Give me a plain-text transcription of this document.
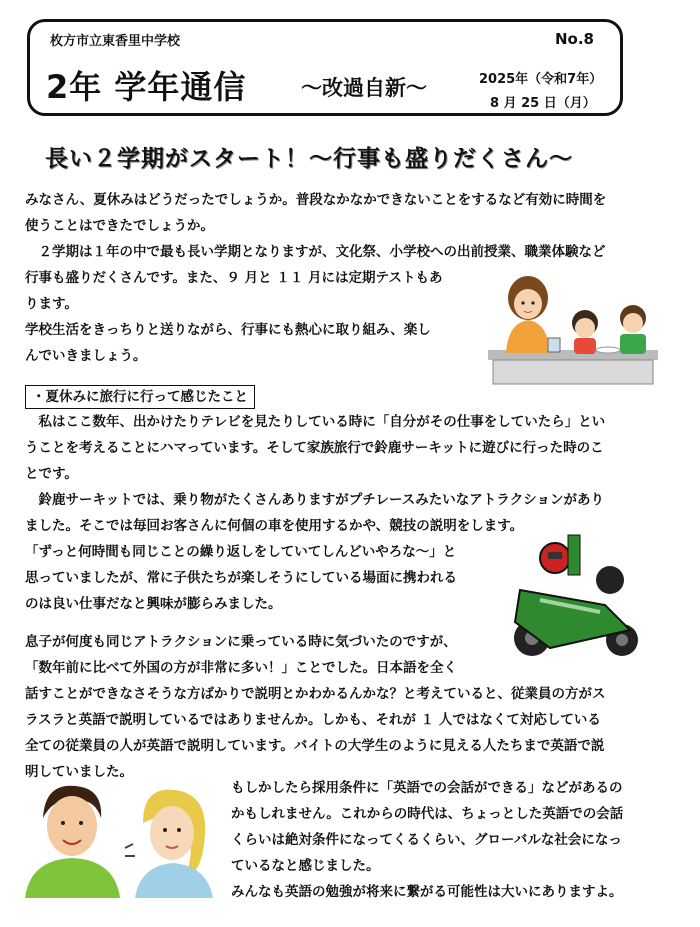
枚方市立東香里中学校	No.8
2年 学年通信	～改過自新～	2025年（令和7年）
8 月 25 日（月）
長い２学期がスタート！～行事も盛りだくさん～
みなさん、夏休みはどうだったでしょうか。普段なかなかできないことをするなど有効に時間を
使うことはできたでしょうか。
　２学期は１年の中で最も長い学期となりますが、文化祭、小学校への出前授業、職業体験など
行事も盛りだくさんです。また、９ 月と １１ 月には定期テストもあ
ります。
学校生活をきっちりと送りながら、行事にも熱心に取り組み、楽し
んでいきましょう。
・夏休みに旅行に行って感じたこと
　私はここ数年、出かけたりテレビを見たりしている時に「自分がその仕事をしていたら」とい
うことを考えることにハマっています。そして家族旅行で鈴鹿サーキットに遊びに行った時のこ
とです。
　鈴鹿サーキットでは、乗り物がたくさんありますがプチレースみたいなアトラクションがあり
ました。そこでは毎回お客さんに何個の車を使用するかや、競技の説明をします。
「ずっと何時間も同じことの繰り返しをしていてしんどいやろな～」と
思っていましたが、常に子供たちが楽しそうにしている場面に携われる
のは良い仕事だなと興味が膨らみました。
息子が何度も同じアトラクションに乗っている時に気づいたのですが、
「数年前に比べて外国の方が非常に多い！」ことでした。日本語を全く
話すことができなさそうな方ばかりで説明とかわかるんかな？と考えていると、従業員の方がス
ラスラと英語で説明しているではありませんか。しかも、それが １ 人ではなくて対応している
全ての従業員の人が英語で説明しています。バイトの大学生のように見える人たちまで英語で説
明していました。
もしかしたら採用条件に「英語での会話ができる」などがあるの
かもしれません。これからの時代は、ちょっとした英語での会話
くらいは絶対条件になってくるくらい、グローバルな社会になっ
ているなと感じました。
みんなも英語の勉強が将来に繋がる可能性は大いにありますよ。
